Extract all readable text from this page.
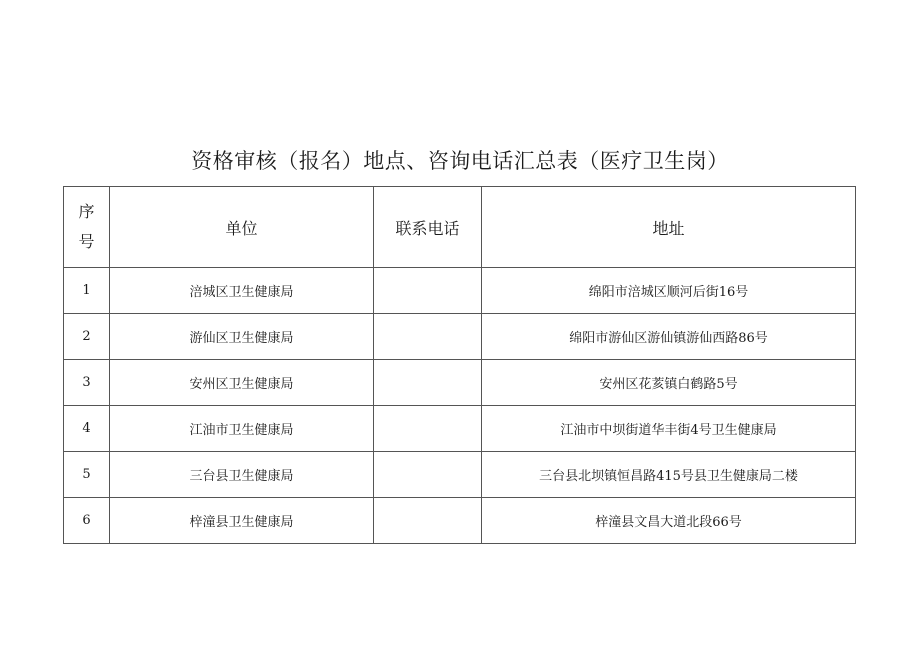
资格审核（报名）地点、咨询电话汇总表（医疗卫生岗）
序
号	单位	联系电话	地址
1	涪城区卫生健康局		绵阳市涪城区顺河后街16号
2	游仙区卫生健康局		绵阳市游仙区游仙镇游仙西路86号
3	安州区卫生健康局		安州区花荄镇白鹤路5号
4	江油市卫生健康局		江油市中坝街道华丰街4号卫生健康局
5	三台县卫生健康局		三台县北坝镇恒昌路415号县卫生健康局二楼
6	梓潼县卫生健康局		梓潼县文昌大道北段66号
